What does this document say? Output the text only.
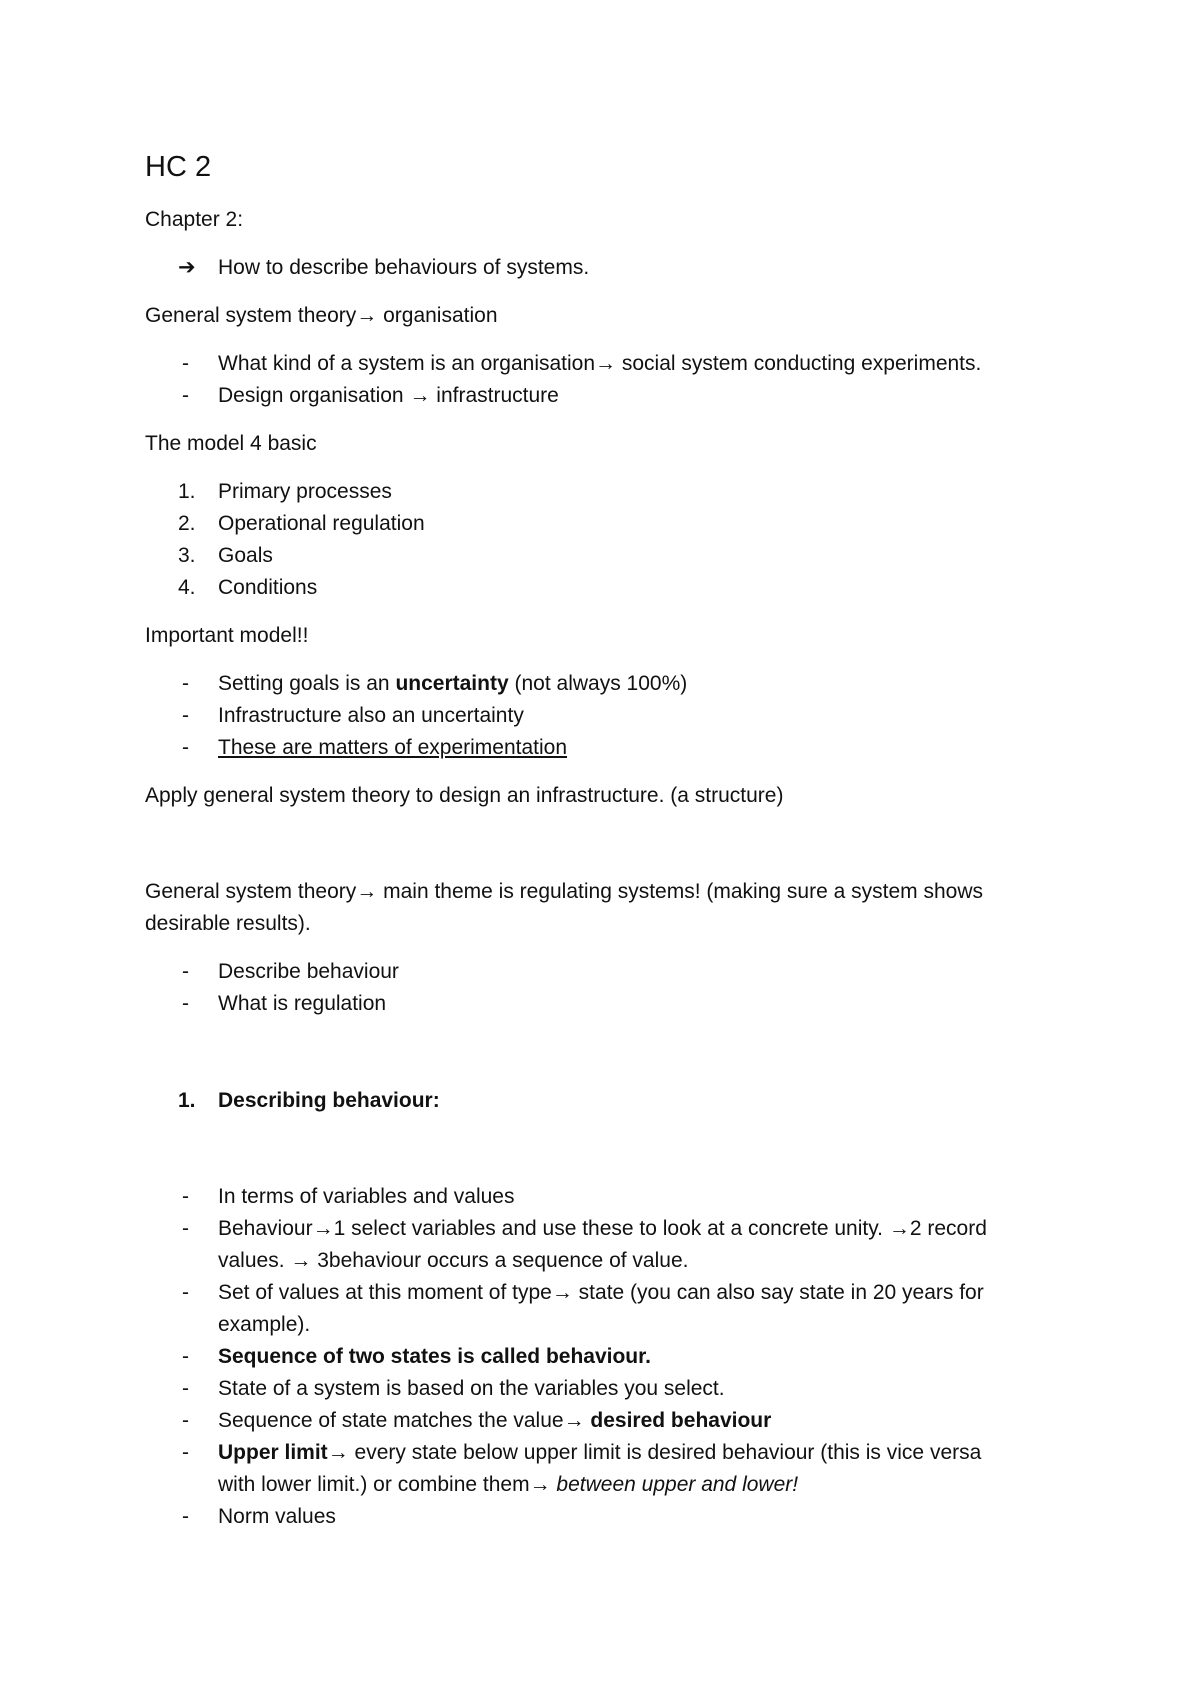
HC 2
Chapter 2:
➔ How to describe behaviours of systems.
General system theory→ organisation
- What kind of a system is an organisation→ social system conducting experiments.
- Design organisation → infrastructure
The model 4 basic
1. Primary processes
2. Operational regulation
3. Goals
4. Conditions
Important model!!
- Setting goals is an uncertainty (not always 100%)
- Infrastructure also an uncertainty
- These are matters of experimentation
Apply general system theory to design an infrastructure. (a structure)
General system theory→ main theme is regulating systems! (making sure a system shows
desirable results).
- Describe behaviour
- What is regulation
1. Describing behaviour:
- In terms of variables and values
- Behaviour→1 select variables and use these to look at a concrete unity. →2 record
values. → 3behaviour occurs a sequence of value.
- Set of values at this moment of type→ state (you can also say state in 20 years for
example).
- Sequence of two states is called behaviour.
- State of a system is based on the variables you select.
- Sequence of state matches the value→ desired behaviour
- Upper limit→ every state below upper limit is desired behaviour (this is vice versa
with lower limit.) or combine them→ between upper and lower!
- Norm values
